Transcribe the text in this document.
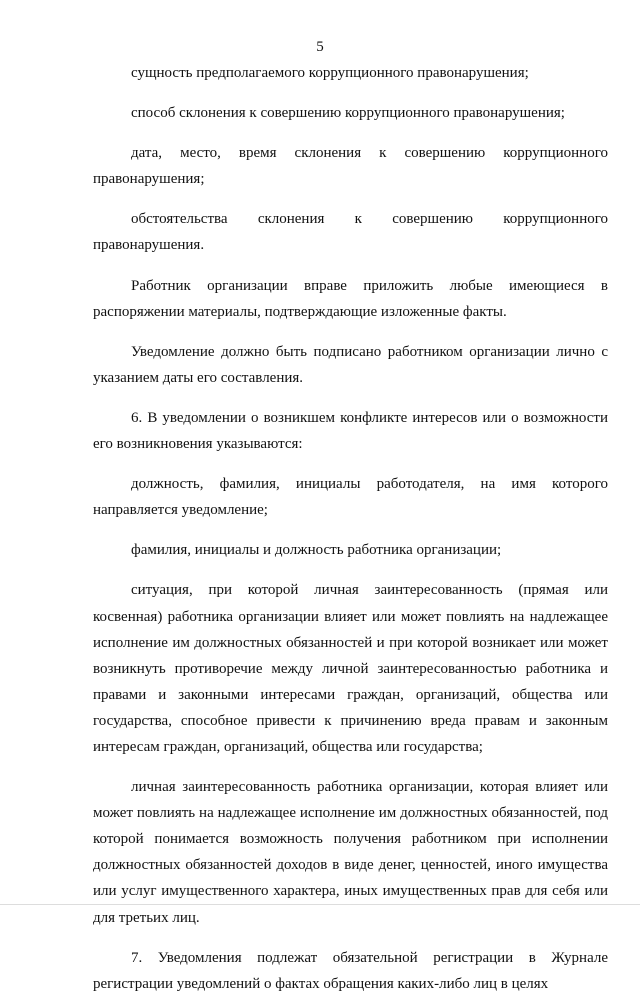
5

сущность предполагаемого коррупционного правонарушения;

способ склонения к совершению коррупционного правонарушения;

дата, место, время склонения к совершению коррупционного правонарушения;

обстоятельства склонения к совершению коррупционного правонарушения.

Работник организации вправе приложить любые имеющиеся в распоряжении материалы, подтверждающие изложенные факты.

Уведомление должно быть подписано работником организации лично с указанием даты его составления.

6. В уведомлении о возникшем конфликте интересов или о возможности его возникновения указываются:

должность, фамилия, инициалы работодателя, на имя которого направляется уведомление;

фамилия, инициалы и должность работника организации;

ситуация, при которой личная заинтересованность (прямая или косвенная) работника организации влияет или может повлиять на надлежащее исполнение им должностных обязанностей и при которой возникает или может возникнуть противоречие между личной заинтересованностью работника и правами и законными интересами граждан, организаций, общества или государства, способное привести к причинению вреда правам и законным интересам граждан, организаций, общества или государства;

личная заинтересованность работника организации, которая влияет или может повлиять на надлежащее исполнение им должностных обязанностей, под которой понимается возможность получения работником при исполнении должностных обязанностей доходов в виде денег, ценностей, иного имущества или услуг имущественного характера, иных имущественных прав для себя или для третьих лиц.

7. Уведомления подлежат обязательной регистрации в Журнале регистрации уведомлений о фактах обращения каких-либо лиц в целях
